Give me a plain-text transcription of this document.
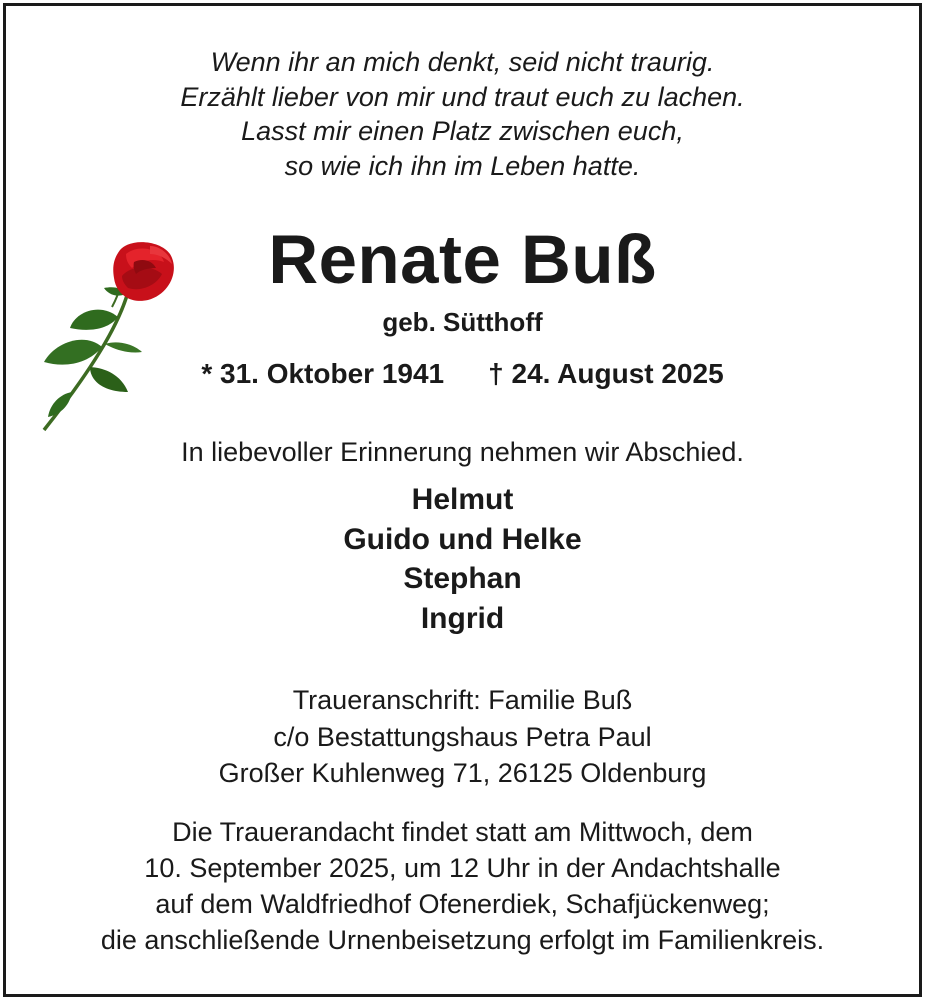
Wenn ihr an mich denkt, seid nicht traurig.
Erzählt lieber von mir und traut euch zu lachen.
Lasst mir einen Platz zwischen euch,
so wie ich ihn im Leben hatte.
Renate Buß
geb. Sütthoff
* 31. Oktober 1941 † 24. August 2025
In liebevoller Erinnerung nehmen wir Abschied.
Helmut
Guido und Helke
Stephan
Ingrid
Traueranschrift: Familie Buß
c/o Bestattungshaus Petra Paul
Großer Kuhlenweg 71, 26125 Oldenburg
Die Trauerandacht findet statt am Mittwoch, dem
10. September 2025, um 12 Uhr in der Andachtshalle
auf dem Waldfriedhof Ofenerdiek, Schafjückenweg;
die anschließende Urnenbeisetzung erfolgt im Familienkreis.
